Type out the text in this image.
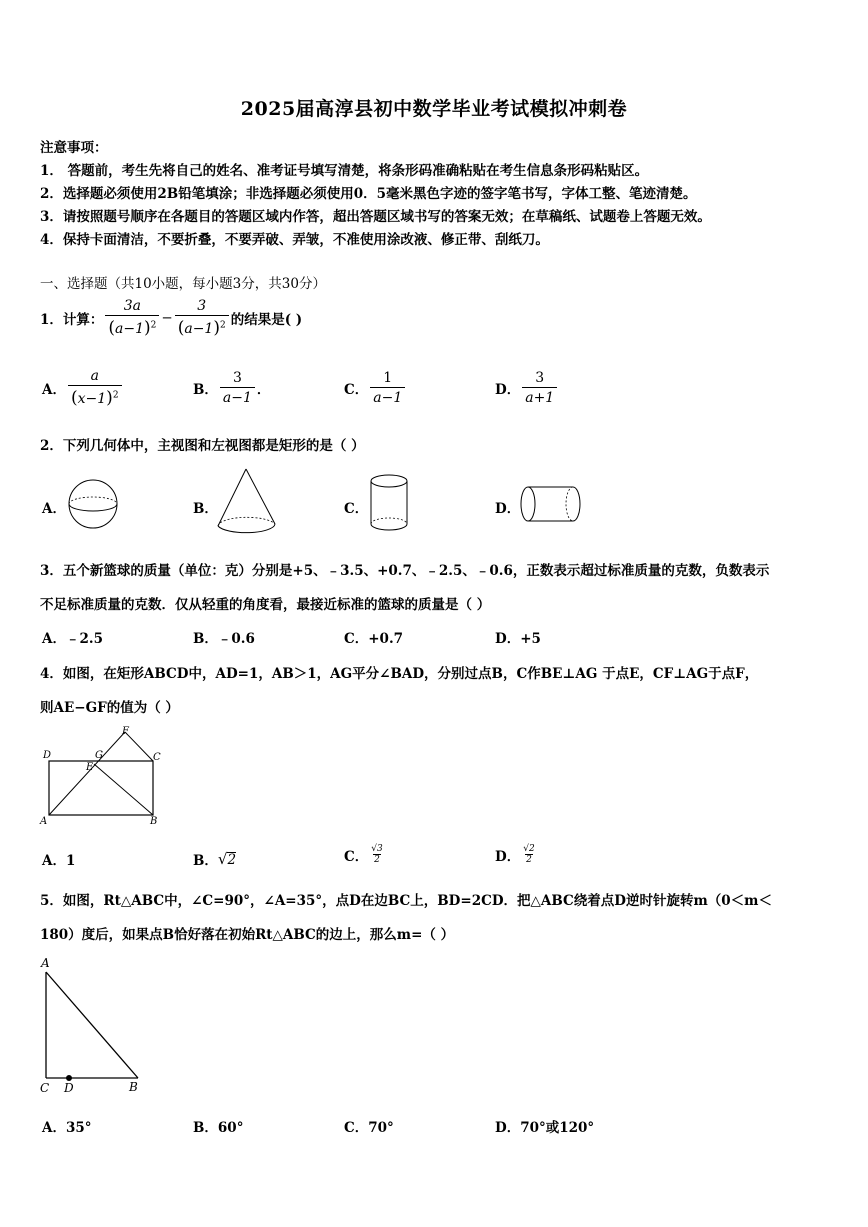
2025届高淳县初中数学毕业考试模拟冲刺卷
注意事项：
1． 答题前，考生先将自己的姓名、准考证号填写清楚，将条形码准确粘贴在考生信息条形码粘贴区。
2．选择题必须使用2B铅笔填涂；非选择题必须使用0．5毫米黑色字迹的签字笔书写，字体工整、笔迹清楚。
3．请按照题号顺序在各题目的答题区域内作答，超出答题区域书写的答案无效；在草稿纸、试题卷上答题无效。
4．保持卡面清洁，不要折叠，不要弄破、弄皱，不准使用涂改液、修正带、刮纸刀。
一、选择题（共10小题，每小题3分，共30分）
1．计算： $\frac{3a}{(a-1)^2} - \frac{3}{(a-1)^2}$ 的结果是( )
A． $\frac{a}{(x-1)^2}$	B． $\frac{3}{a-1}$ ．	C． $\frac{1}{a-1}$	D． $\frac{3}{a+1}$
2．下列几何体中，主视图和左视图都是矩形的是（ ）
A．	B．	C．	D．
3．五个新篮球的质量（单位：克）分别是+5、﹣3.5、+0.7、﹣2.5、﹣0.6，正数表示超过标准质量的克数，负数表示
不足标准质量的克数．仅从轻重的角度看，最接近标准的篮球的质量是（ ）
A．﹣2.5	B．﹣0.6	C．+0.7	D．+5
4．如图，在矩形ABCD中，AD=1，AB＞1，AG平分∠BAD，分别过点B，C作BE⊥AG 于点E，CF⊥AG于点F，
则AE−GF的值为（ ）
D	G
F
C
E
A	B
A．1	B． √ 2	C． $\frac{√3}{2}$	D． $\frac{√2}{2}$
5．如图，Rt△ABC中，∠C=90°，∠A=35°，点D在边BC上，BD=2CD．把△ABC绕着点D逆时针旋转m（0＜m＜
180）度后，如果点B恰好落在初始Rt△ABC的边上，那么m=（ ）
A
C D	B
A．35°	B．60°	C．70°	D．70°或120°
